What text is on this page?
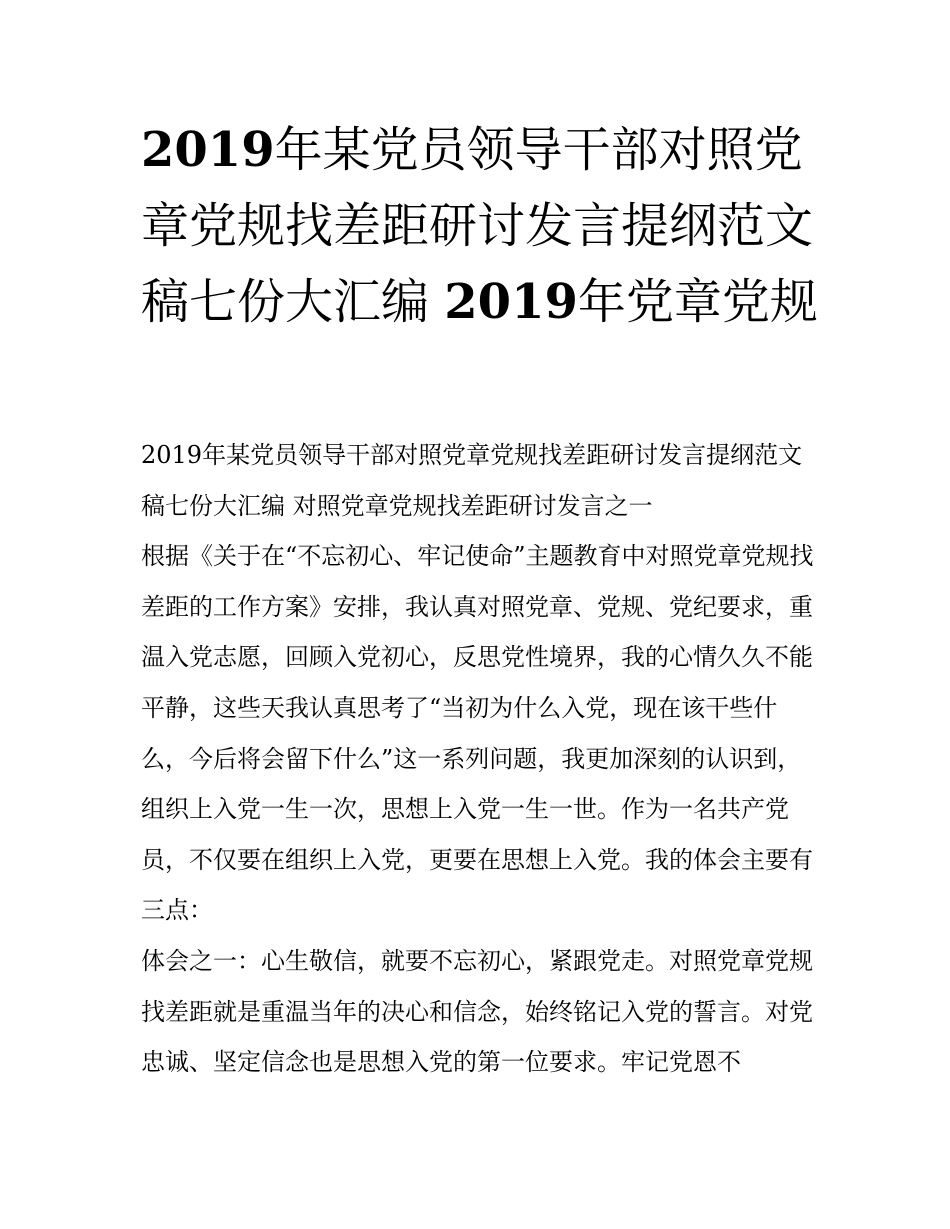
2019年某党员领导干部对照党章党规找差距研讨发言提纲范文稿七份大汇编 2019年党章党规

2019年某党员领导干部对照党章党规找差距研讨发言提纲范文稿七份大汇编 对照党章党规找差距研讨发言之一

根据《关于在“不忘初心、牢记使命”主题教育中对照党章党规找差距的工作方案》安排，我认真对照党章、党规、党纪要求，重温入党志愿，回顾入党初心，反思党性境界，我的心情久久不能平静，这些天我认真思考了“当初为什么入党，现在该干些什么，今后将会留下什么”这一系列问题，我更加深刻的认识到，组织上入党一生一次，思想上入党一生一世。作为一名共产党员，不仅要在组织上入党，更要在思想上入党。我的体会主要有三点：

体会之一：心生敬信，就要不忘初心，紧跟党走。对照党章党规找差距就是重温当年的决心和信念，始终铭记入党的誓言。对党忠诚、坚定信念也是思想入党的第一位要求。牢记党恩不
